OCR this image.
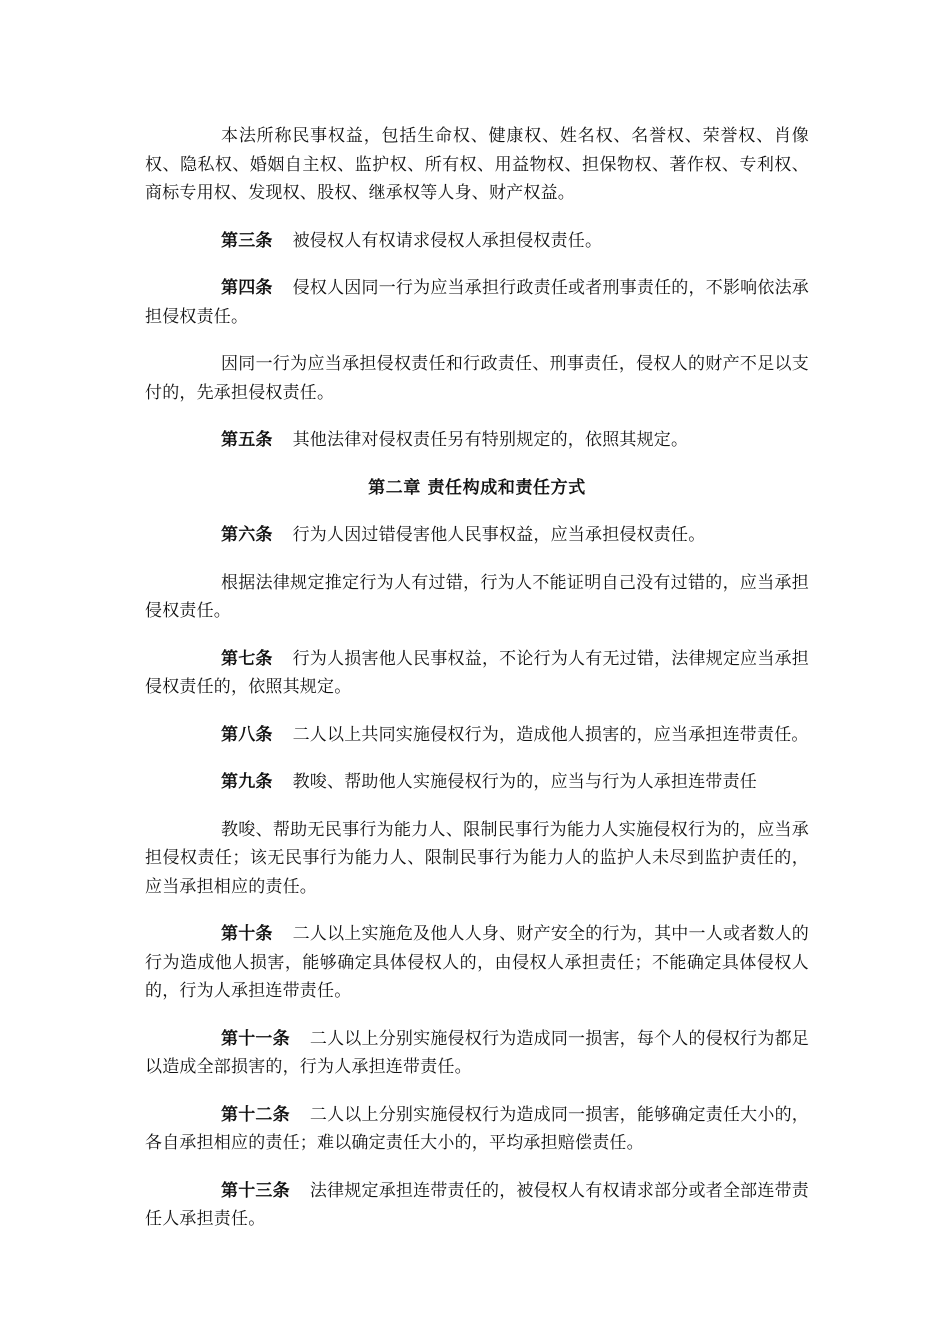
本法所称民事权益，包括生命权、健康权、姓名权、名誉权、荣誉权、肖像权、隐私权、婚姻自主权、监护权、所有权、用益物权、担保物权、著作权、专利权、商标专用权、发现权、股权、继承权等人身、财产权益。

第三条 被侵权人有权请求侵权人承担侵权责任。

第四条 侵权人因同一行为应当承担行政责任或者刑事责任的，不影响依法承担侵权责任。

因同一行为应当承担侵权责任和行政责任、刑事责任，侵权人的财产不足以支付的，先承担侵权责任。

第五条 其他法律对侵权责任另有特别规定的，依照其规定。

第二章 责任构成和责任方式

第六条 行为人因过错侵害他人民事权益，应当承担侵权责任。

根据法律规定推定行为人有过错，行为人不能证明自己没有过错的，应当承担侵权责任。

第七条 行为人损害他人民事权益，不论行为人有无过错，法律规定应当承担侵权责任的，依照其规定。

第八条 二人以上共同实施侵权行为，造成他人损害的，应当承担连带责任。

第九条 教唆、帮助他人实施侵权行为的，应当与行为人承担连带责任

教唆、帮助无民事行为能力人、限制民事行为能力人实施侵权行为的，应当承担侵权责任；该无民事行为能力人、限制民事行为能力人的监护人未尽到监护责任的，应当承担相应的责任。

第十条 二人以上实施危及他人人身、财产安全的行为，其中一人或者数人的行为造成他人损害，能够确定具体侵权人的，由侵权人承担责任；不能确定具体侵权人的，行为人承担连带责任。

第十一条 二人以上分别实施侵权行为造成同一损害，每个人的侵权行为都足以造成全部损害的，行为人承担连带责任。

第十二条 二人以上分别实施侵权行为造成同一损害，能够确定责任大小的，各自承担相应的责任；难以确定责任大小的，平均承担赔偿责任。

第十三条 法律规定承担连带责任的，被侵权人有权请求部分或者全部连带责任人承担责任。
